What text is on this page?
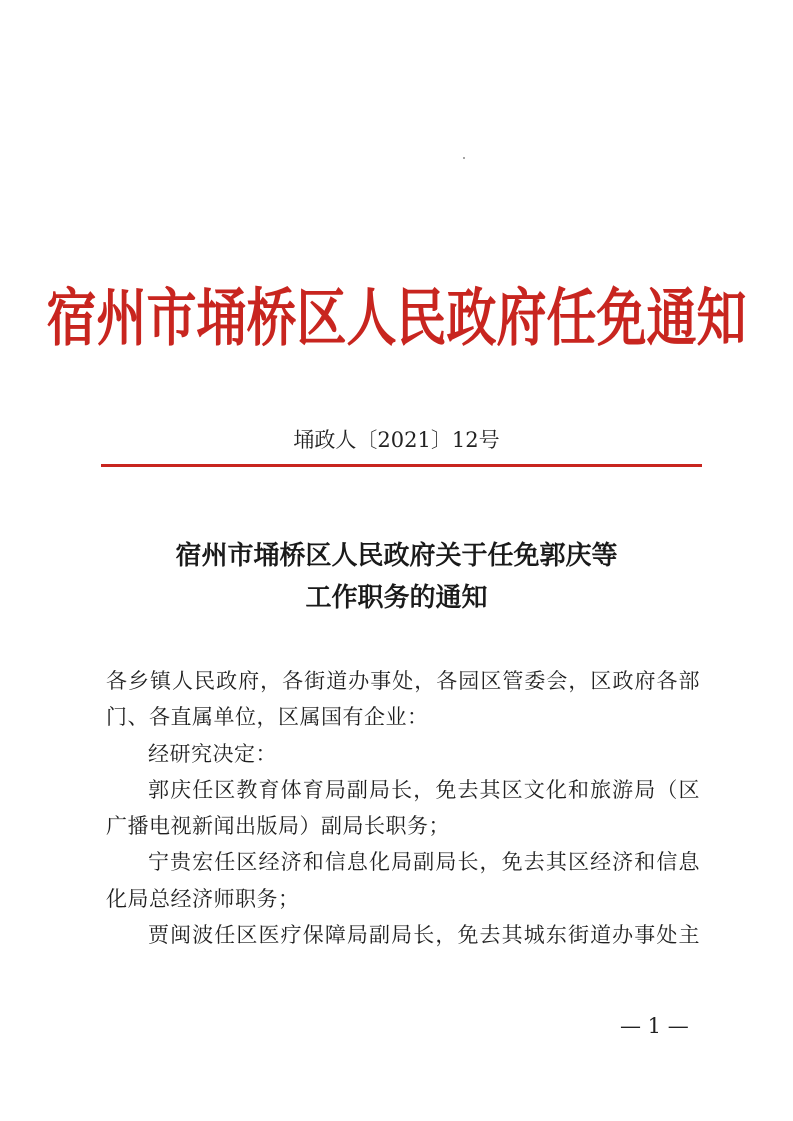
宿州市埇桥区人民政府任免通知
埇政人〔2021〕12号
宿州市埇桥区人民政府关于任免郭庆等
工作职务的通知
各乡镇人民政府，各街道办事处，各园区管委会，区政府各部
门、各直属单位，区属国有企业：
经研究决定：
郭庆任区教育体育局副局长，免去其区文化和旅游局（区
广播电视新闻出版局）副局长职务；
宁贵宏任区经济和信息化局副局长，免去其区经济和信息
化局总经济师职务；
贾闽波任区医疗保障局副局长，免去其城东街道办事处主
— 1 —
